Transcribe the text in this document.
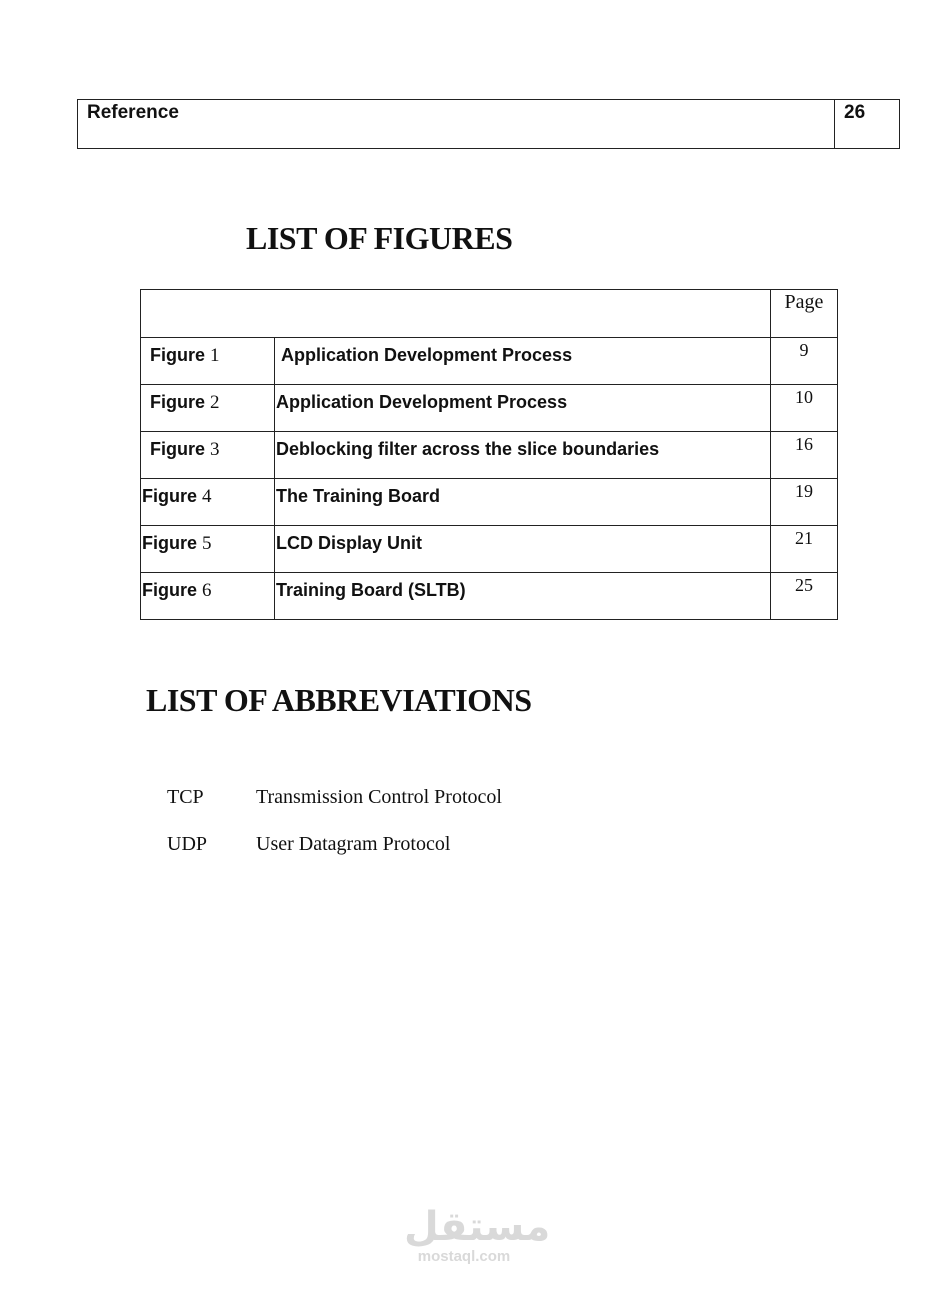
Reference	26
LIST OF FIGURES

		Page

Figure 1	Application Development Process	9

Figure 2	Application Development Process	10

Figure 3	Deblocking filter across the slice boundaries	16

Figure 4	The Training Board	19

Figure 5	LCD Display Unit	21

Figure 6	Training Board (SLTB)	25
LIST OF ABBREVIATIONS
TCP	Transmission Control Protocol
UDP User Datagram Protocol
مستقل
mostaql.com
